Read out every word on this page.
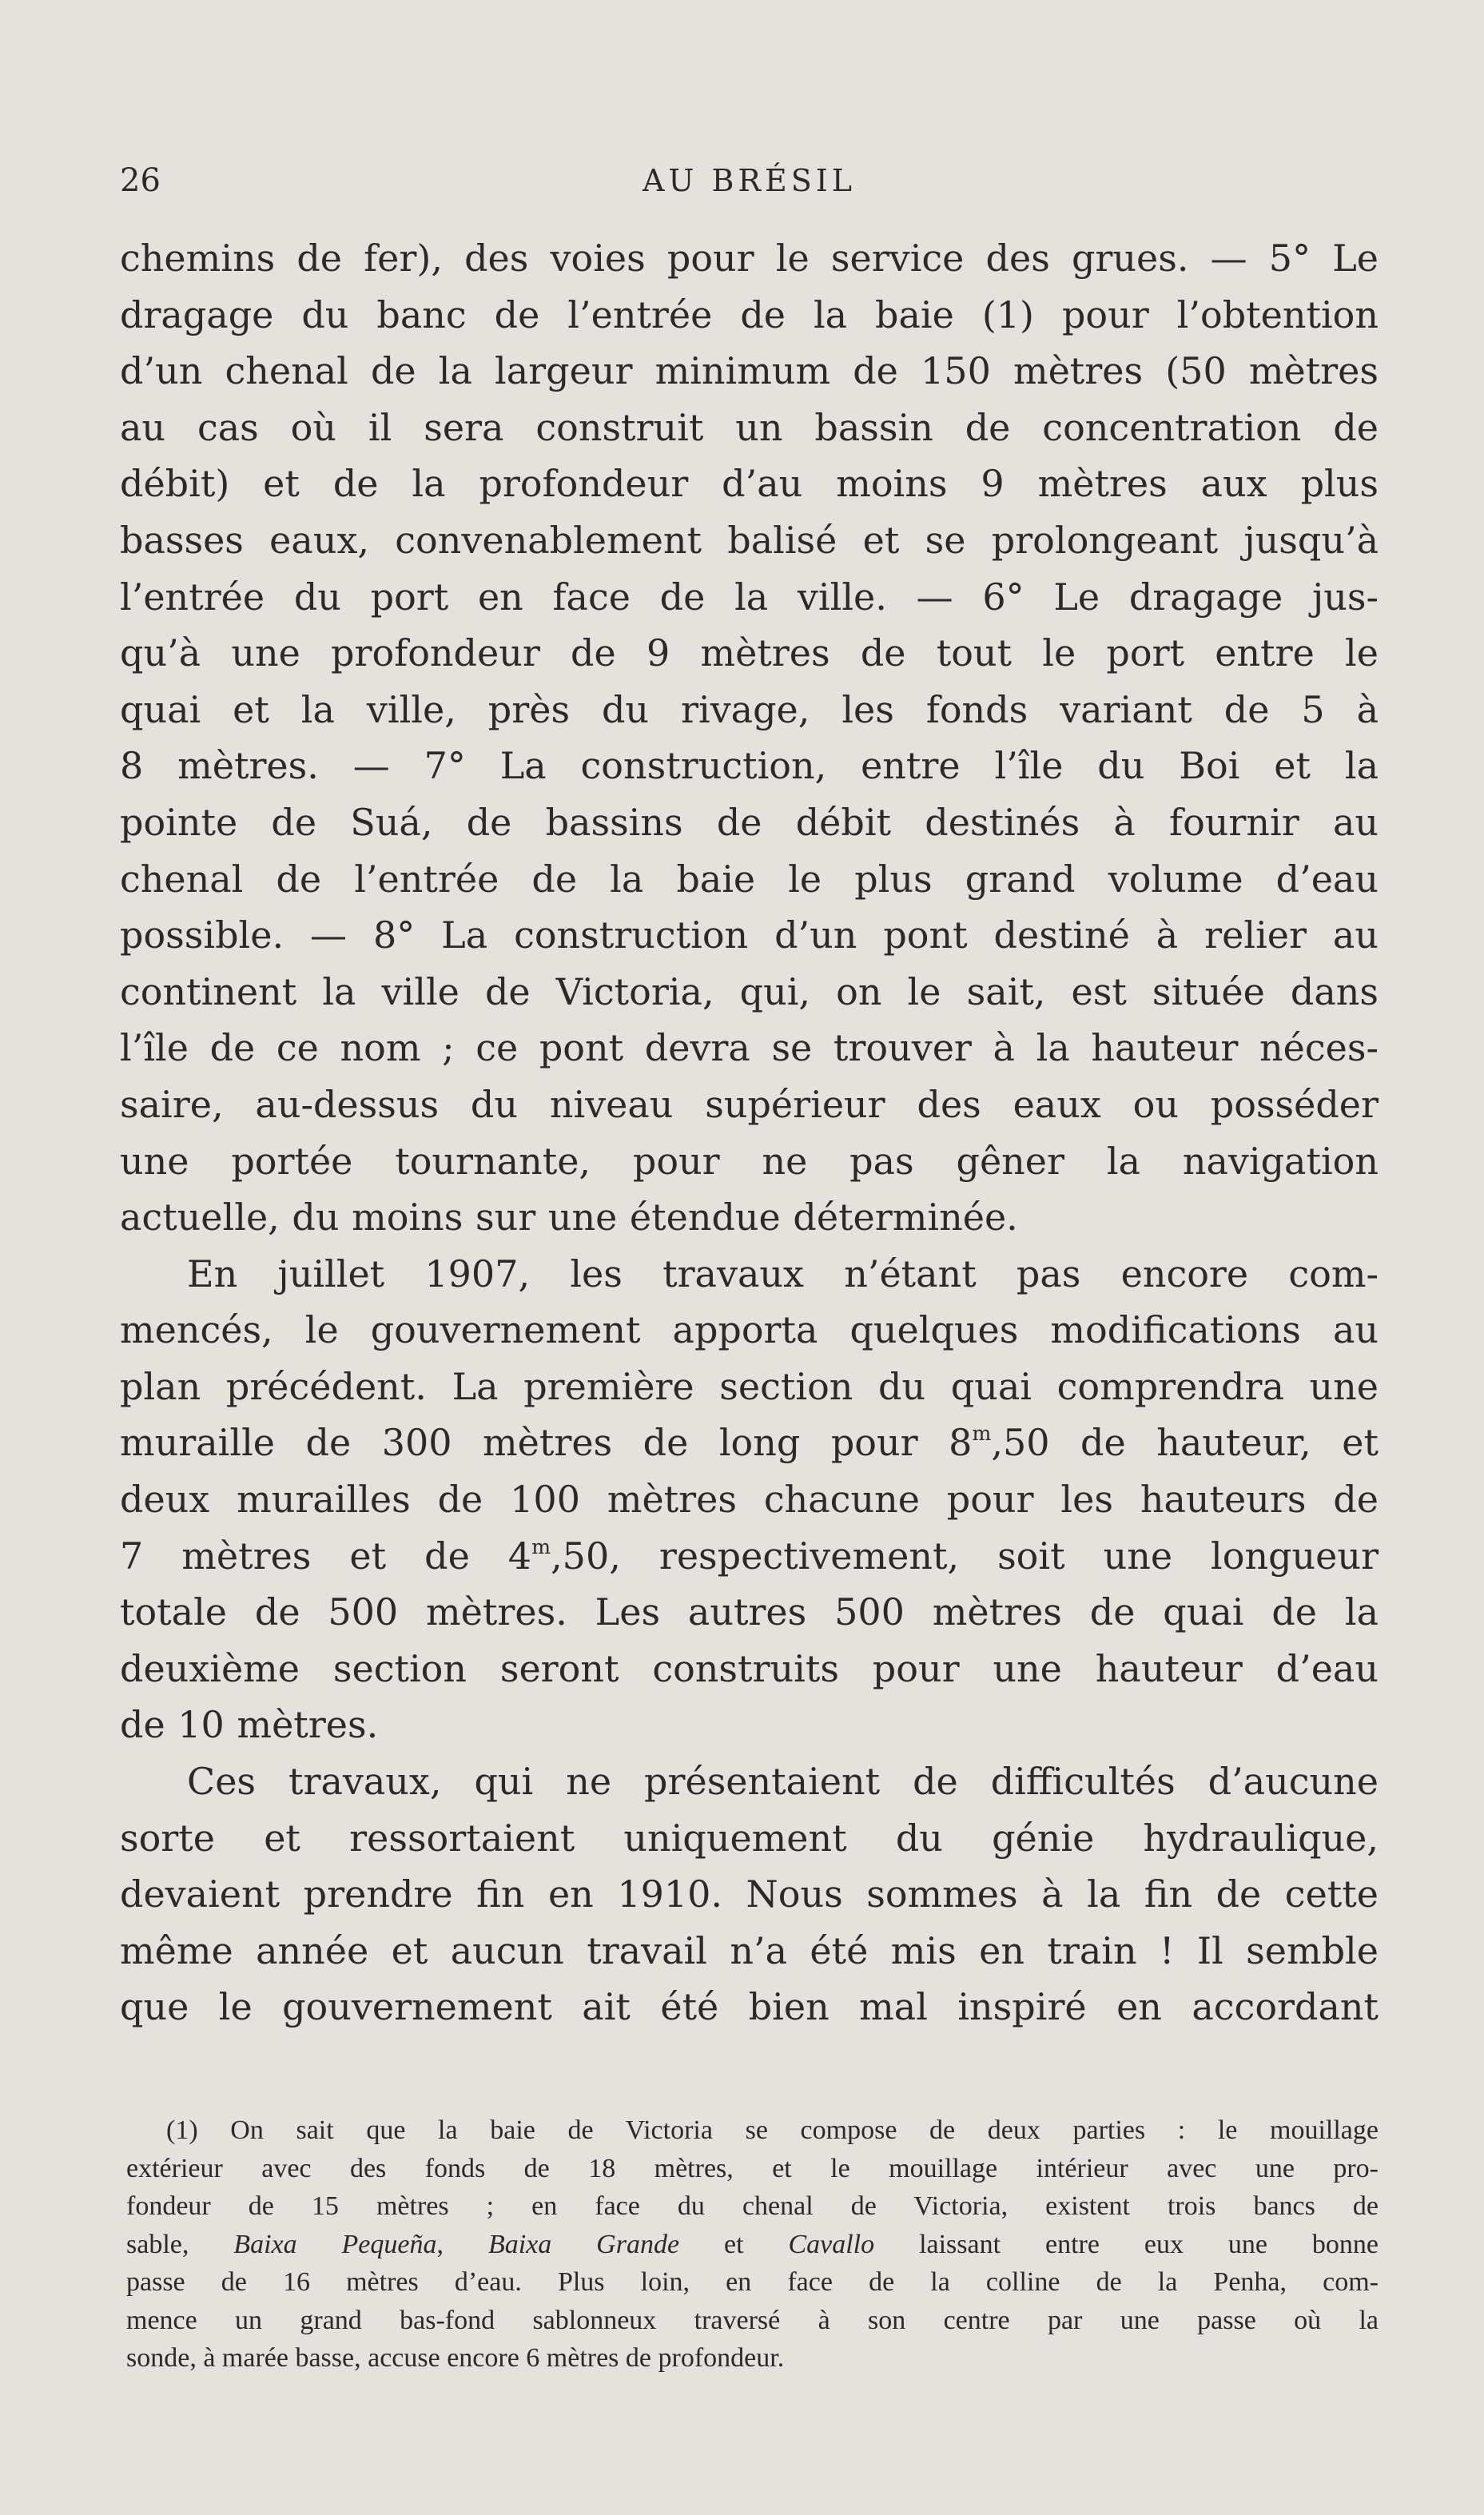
26	AU BRÉSIL

chemins de fer), des voies pour le service des grues. — 5° Le
dragage du banc de l’entrée de la baie (1) pour l’obtention
d’un chenal de la largeur minimum de 150 mètres (50 mètres
au cas où il sera construit un bassin de concentration de
débit) et de la profondeur d’au moins 9 mètres aux plus
basses eaux, convenablement balisé et se prolongeant jusqu’à
l’entrée du port en face de la ville. — 6° Le dragage jus-
qu’à une profondeur de 9 mètres de tout le port entre le
quai et la ville, près du rivage, les fonds variant de 5 à
8 mètres. — 7° La construction, entre l’île du Boi et la
pointe de Suá, de bassins de débit destinés à fournir au
chenal de l’entrée de la baie le plus grand volume d’eau
possible. — 8° La construction d’un pont destiné à relier au
continent la ville de Victoria, qui, on le sait, est située dans
l’île de ce nom ; ce pont devra se trouver à la hauteur néces-
saire, au-dessus du niveau supérieur des eaux ou posséder
une portée tournante, pour ne pas gêner la navigation
actuelle, du moins sur une étendue déterminée.

En juillet 1907, les travaux n’étant pas encore com-
mencés, le gouvernement apporta quelques modifications au
plan précédent. La première section du quai comprendra une
muraille de 300 mètres de long pour 8$^m$,50 de hauteur, et
deux murailles de 100 mètres chacune pour les hauteurs de
7 mètres et de 4$^m$,50, respectivement, soit une longueur
totale de 500 mètres. Les autres 500 mètres de quai de la
deuxième section seront construits pour une hauteur d’eau
de 10 mètres.

Ces travaux, qui ne présentaient de difficultés d’aucune
sorte et ressortaient uniquement du génie hydraulique,
devaient prendre fin en 1910. Nous sommes à la fin de cette
même année et aucun travail n’a été mis en train ! Il semble
que le gouvernement ait été bien mal inspiré en accordant

(1) On sait que la baie de Victoria se compose de deux parties : le mouillage
extérieur avec des fonds de 18 mètres, et le mouillage intérieur avec une pro-
fondeur de 15 mètres ; en face du chenal de Victoria, existent trois bancs de
sable, Baixa Pequeña, Baixa Grande et Cavallo laissant entre eux une bonne
passe de 16 mètres d’eau. Plus loin, en face de la colline de la Penha, com-
mence un grand bas-fond sablonneux traversé à son centre par une passe où la
sonde, à marée basse, accuse encore 6 mètres de profondeur.
